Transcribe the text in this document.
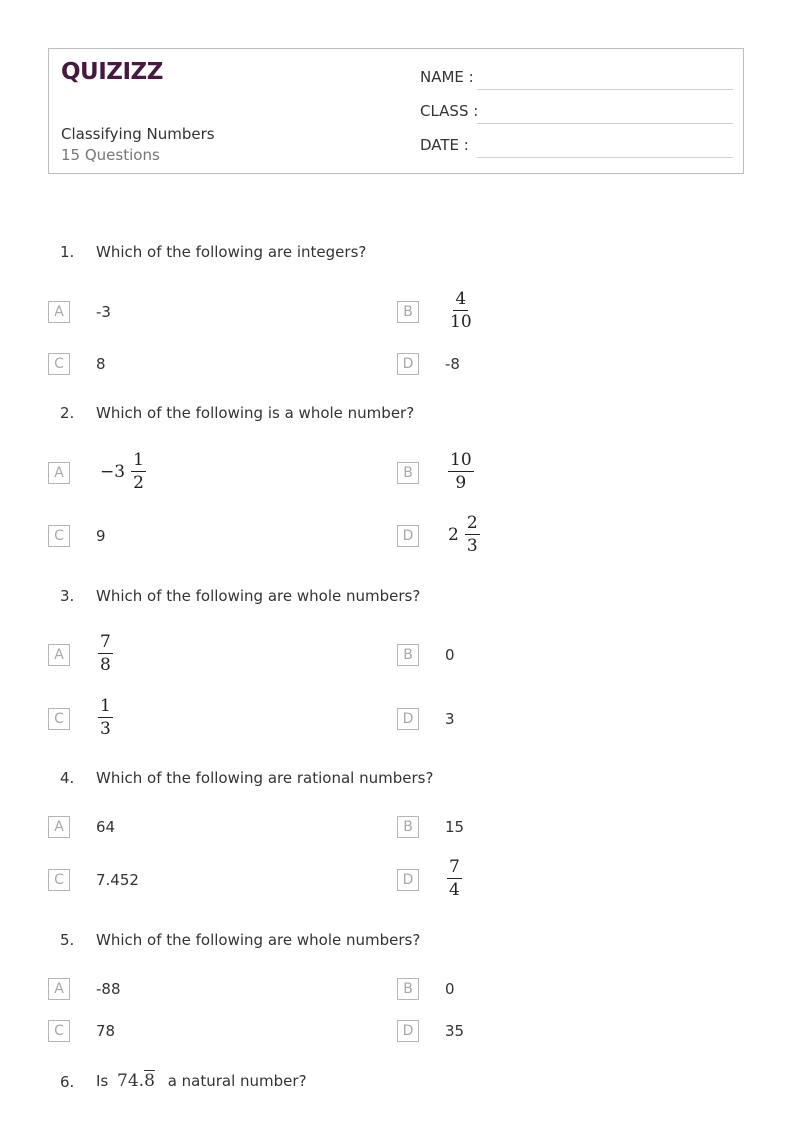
QUIZIZZ
Classifying Numbers
15 Questions
NAME :
CLASS :
DATE :
1. Which of the following are integers?
A	-3	B	$\frac{4}{10}$
C	8	D	-8
2. Which of the following is a whole number?
A	$-3 \frac{1}{2}$	B	$\frac{10}{9}$
C	9	D	$2 \frac{2}{3}$
3. Which of the following are whole numbers?
A	$\frac{7}{8}$	B	0
C	$\frac{1}{3}$	D	3
4. Which of the following are rational numbers?
A	64	B	15
C	7.452	D	$\frac{7}{4}$
5. Which of the following are whole numbers?
A	-88	B	0
C	78	D	35
6. Is 74.8 a natural number?
